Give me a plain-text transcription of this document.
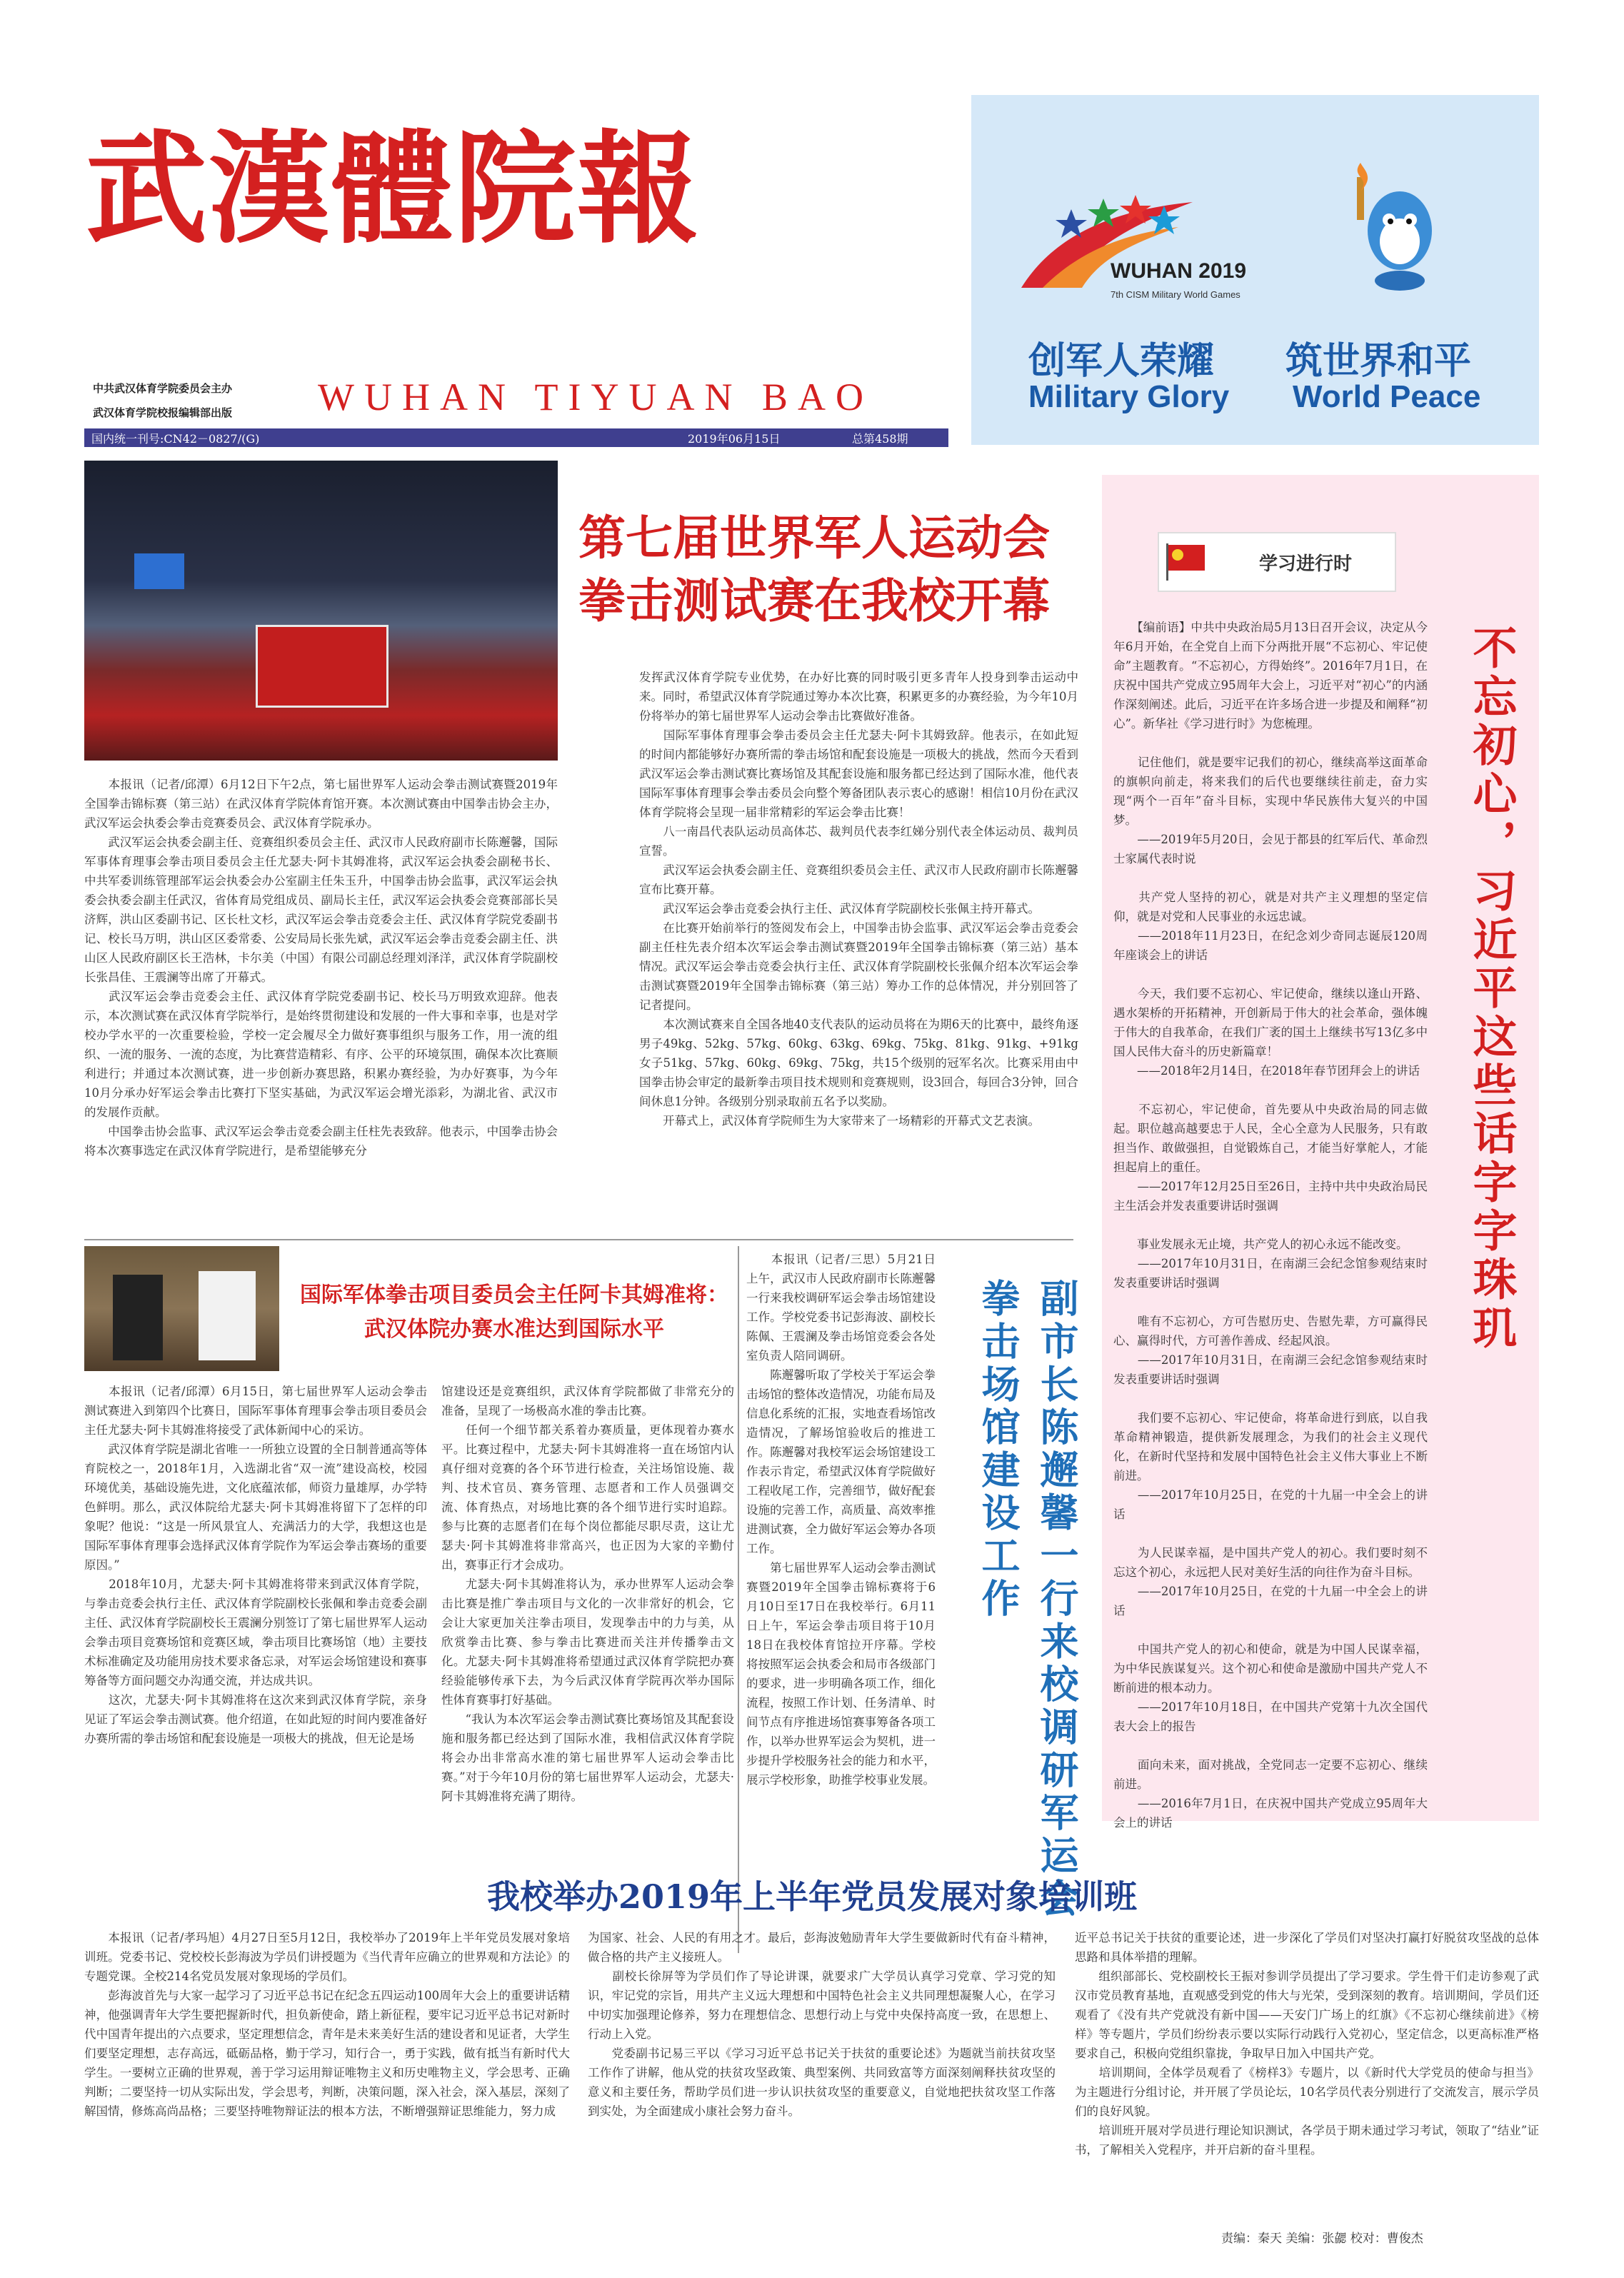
武漢體院報
WUHAN TIYUAN BAO
中共武汉体育学院委员会主办
武汉体育学院校报编辑部出版
国内统一刊号:CN42－0827/(G)	2019年06月15日	总第458期
WUHAN 2019
7th CISM Military World Games
创军人荣耀 筑世界和平
Military Glory World Peace
第七届世界军人运动会
拳击测试赛在我校开幕
　　本报讯（记者/邱潭）6月12日下午2点，第七届世界军人运动会拳击测试赛暨2019年全国拳击锦标赛（第三站）在武汉体育学院体育馆开赛。本次测试赛由中国拳击协会主办，武汉军运会执委会拳击竞赛委员会、武汉体育学院承办。
　　武汉军运会执委会副主任、竞赛组织委员会主任、武汉市人民政府副市长陈邂馨，国际军事体育理事会拳击项目委员会主任尤瑟夫·阿卡其姆准将，武汉军运会执委会副秘书长、中共军委训练管理部军运会执委会办公室副主任朱玉升，中国拳击协会监事，武汉军运会执委会执委会副主任武汉，省体育局党组成员、副局长主任，武汉军运会执委会竞赛部部长吴济辉，洪山区委副书记、区长杜文杉，武汉军运会拳击竞委会主任、武汉体育学院党委副书记、校长马万明，洪山区区委常委、公安局局长张先斌，武汉军运会拳击竞委会副主任、洪山区人民政府副区长王浩林，卡尔美（中国）有限公司副总经理刘泽洋，武汉体育学院副校长张昌佳、王震澜等出席了开幕式。
　　武汉军运会拳击竞委会主任、武汉体育学院党委副书记、校长马万明致欢迎辞。他表示，本次测试赛在武汉体育学院举行，是始终贯彻建设和发展的一件大事和幸事，也是对学校办学水平的一次重要检验，学校一定会履尽全力做好赛事组织与服务工作，用一流的组织、一流的服务、一流的态度，为比赛营造精彩、有序、公平的环境氛围，确保本次比赛顺利进行；并通过本次测试赛，进一步创新办赛思路，积累办赛经验，为办好赛事，为今年10月分承办好军运会拳击比赛打下坚实基础，为武汉军运会增光添彩，为湖北省、武汉市的发展作贡献。
　　中国拳击协会监事、武汉军运会拳击竞委会副主任柱先表致辞。他表示，中国拳击协会将本次赛事选定在武汉体育学院进行，是希望能够充分
发挥武汉体育学院专业优势，在办好比赛的同时吸引更多青年人投身到拳击运动中来。同时，希望武汉体育学院通过筹办本次比赛，积累更多的办赛经验，为今年10月份将举办的第七届世界军人运动会拳击比赛做好准备。
　　国际军事体育理事会拳击委员会主任尤瑟夫·阿卡其姆致辞。他表示，在如此短的时间内都能够好办赛所需的拳击场馆和配套设施是一项极大的挑战，然而今天看到武汉军运会拳击测试赛比赛场馆及其配套设施和服务都已经达到了国际水准，他代表国际军事体育理事会拳击委员会向整个筹备团队表示衷心的感谢！相信10月份在武汉体育学院将会呈现一届非常精彩的军运会拳击比赛！
　　八一南昌代表队运动员高体芯、裁判员代表李红娣分别代表全体运动员、裁判员宣誓。
　　武汉军运会执委会副主任、竞赛组织委员会主任、武汉市人民政府副市长陈邂馨宣布比赛开幕。
　　武汉军运会拳击竞委会执行主任、武汉体育学院副校长张佩主持开幕式。
　　在比赛开始前举行的签阅发布会上，中国拳击协会监事、武汉军运会拳击竞委会副主任柱先表介绍本次军运会拳击测试赛暨2019年全国拳击锦标赛（第三站）基本情况。武汉军运会拳击竞委会执行主任、武汉体育学院副校长张佩介绍本次军运会拳击测试赛暨2019年全国拳击锦标赛（第三站）筹办工作的总体情况，并分别回答了记者提问。
　　本次测试赛来自全国各地40支代表队的运动员将在为期6天的比赛中，最终角逐男子49kg、52kg、57kg、60kg、63kg、69kg、75kg、81kg、91kg、+91kg女子51kg、57kg、60kg、69kg、75kg，共15个级别的冠军名次。比赛采用由中国拳击协会审定的最新拳击项目技术规则和竞赛规则，设3回合，每回合3分钟，回合间休息1分钟。各级别分别录取前五名予以奖励。
　　开幕式上，武汉体育学院师生为大家带来了一场精彩的开幕式文艺表演。
国际军体拳击项目委员会主任阿卡其姆准将：
武汉体院办赛水准达到国际水平
　　本报讯（记者/邱潭）6月15日，第七届世界军人运动会拳击测试赛进入到第四个比赛日，国际军事体育理事会拳击项目委员会主任尤瑟夫·阿卡其姆准将接受了武体新闻中心的采访。
　　武汉体育学院是湖北省唯一一所独立设置的全日制普通高等体育院校之一，2018年1月，入选湖北省“双一流”建设高校，校园环境优美，基础设施先进，文化底蕴浓郁，师资力量雄厚，办学特色鲜明。那么，武汉体院给尤瑟夫·阿卡其姆准将留下了怎样的印象呢？他说：“这是一所风景宜人、充满活力的大学，我想这也是国际军事体育理事会选择武汉体育学院作为军运会拳击赛场的重要原因。”
　　2018年10月，尤瑟夫·阿卡其姆准将带来到武汉体育学院，与拳击竞委会执行主任、武汉体育学院副校长张佩和拳击竞委会副主任、武汉体育学院副校长王震澜分别签订了第七届世界军人运动会拳击项目竞赛场馆和竞赛区域，拳击项目比赛场馆（地）主要技术标准确定及功能用房技术要求备忘录，对军运会场馆建设和赛事筹备等方面问题交办沟通交流，并达成共识。
　　这次，尤瑟夫·阿卡其姆准将在这次来到武汉体育学院，亲身见证了军运会拳击测试赛。他介绍道，在如此短的时间内要准备好办赛所需的拳击场馆和配套设施是一项极大的挑战，但无论是场
馆建设还是竞赛组织，武汉体育学院都做了非常充分的准备，呈现了一场极高水准的拳击比赛。
　　任何一个细节都关系着办赛质量，更体现着办赛水平。比赛过程中，尤瑟夫·阿卡其姆准将一直在场馆内认真仔细对竞赛的各个环节进行检查，关注场馆设施、裁判、技术官员、赛务管理、志愿者和工作人员强调交流、体育热点，对场地比赛的各个细节进行实时追踪。参与比赛的志愿者们在每个岗位都能尽职尽责，这让尤瑟夫·阿卡其姆准将非常高兴，也正因为大家的辛勤付出，赛事正行才会成功。
　　尤瑟夫·阿卡其姆准将认为，承办世界军人运动会拳击比赛是推广拳击项目与文化的一次非常好的机会，它会让大家更加关注拳击项目，发现拳击中的力与美，从欣赏拳击比赛、参与拳击比赛进而关注并传播拳击文化。尤瑟夫·阿卡其姆准将希望通过武汉体育学院把办赛经验能够传承下去，为今后武汉体育学院再次举办国际性体育赛事打好基础。
　　“我认为本次军运会拳击测试赛比赛场馆及其配套设施和服务都已经达到了国际水准，我相信武汉体育学院将会办出非常高水准的第七届世界军人运动会拳击比赛。”对于今年10月份的第七届世界军人运动会，尤瑟夫·阿卡其姆准将充满了期待。
　　本报讯（记者/三思）5月21日上午，武汉市人民政府副市长陈邂馨一行来我校调研军运会拳击场馆建设工作。学校党委书记彭海波、副校长陈佩、王震澜及拳击场馆竞委会各处室负责人陪同调研。
　　陈邂馨听取了学校关于军运会拳击场馆的整体改造情况，功能布局及信息化系统的汇报，实地查看场馆改造情况，了解场馆验收后的推进工作。陈邂馨对我校军运会场馆建设工作表示肯定，希望武汉体育学院做好工程收尾工作，完善细节，做好配套设施的完善工作，高质量、高效率推进测试赛，全力做好军运会筹办各项工作。
　　第七届世界军人运动会拳击测试赛暨2019年全国拳击锦标赛将于6月10日至17日在我校举行。6月11日上午，军运会拳击项目将于10月18日在我校体育馆拉开序幕。学校将按照军运会执委会和局市各级部门的要求，进一步明确各项工作，细化流程，按照工作计划、任务清单、时间节点有序推进场馆赛事筹备各项工作，以举办世界军运会为契机，进一步提升学校服务社会的能力和水平，展示学校形象，助推学校事业发展。	副市长陈邂馨一行来校调研军运会拳击场馆建设工作
学习进行时
不忘初心，习近平这些话字字珠玑
　　【编前语】中共中央政治局5月13日召开会议，决定从今年6月开始，在全党自上而下分两批开展“不忘初心、牢记使命”主题教育。“不忘初心，方得始终”。2016年7月1日，在庆祝中国共产党成立95周年大会上，习近平对“初心”的内涵作深刻阐述。此后，习近平在许多场合进一步提及和阐释“初心”。新华社《学习进行时》为您梳理。

　　记住他们，就是要牢记我们的初心，继续高举这面革命的旗帜向前走，将来我们的后代也要继续往前走，奋力实现“两个一百年”奋斗目标，实现中华民族伟大复兴的中国梦。
　　——2019年5月20日，会见于都县的红军后代、革命烈士家属代表时说

　　共产党人坚持的初心，就是对共产主义理想的坚定信仰，就是对党和人民事业的永远忠诚。
　　——2018年11月23日，在纪念刘少奇同志诞辰120周年座谈会上的讲话

　　今天，我们要不忘初心、牢记使命，继续以逢山开路、遇水架桥的开拓精神，开创新局于伟大的社会革命，强体魄于伟大的自我革命，在我们广袤的国土上继续书写13亿多中国人民伟大奋斗的历史新篇章！
　　——2018年2月14日，在2018年春节团拜会上的讲话

　　不忘初心，牢记使命，首先要从中央政治局的同志做起。职位越高越要忠于人民，全心全意为人民服务，只有敢担当作、敢做强担，自觉锻炼自己，才能当好掌舵人，才能担起肩上的重任。
　　——2017年12月25日至26日，主持中共中央政治局民主生活会并发表重要讲话时强调

　　事业发展永无止境，共产党人的初心永远不能改变。
　　——2017年10月31日，在南湖三会纪念馆参观结束时发表重要讲话时强调

　　唯有不忘初心，方可告慰历史、告慰先辈，方可赢得民心、赢得时代，方可善作善成、经起风浪。
　　——2017年10月31日，在南湖三会纪念馆参观结束时发表重要讲话时强调

　　我们要不忘初心、牢记使命，将革命进行到底，以自我革命精神锻造，提供新发展理念，为我们的社会主义现代化，在新时代坚持和发展中国特色社会主义伟大事业上不断前进。
　　——2017年10月25日，在党的十九届一中全会上的讲话

　　为人民谋幸福，是中国共产党人的初心。我们要时刻不忘这个初心，永远把人民对美好生活的向往作为奋斗目标。
　　——2017年10月25日，在党的十九届一中全会上的讲话

　　中国共产党人的初心和使命，就是为中国人民谋幸福，为中华民族谋复兴。这个初心和使命是激励中国共产党人不断前进的根本动力。
　　——2017年10月18日，在中国共产党第十九次全国代表大会上的报告

　　面向未来，面对挑战，全党同志一定要不忘初心、继续前进。
　　——2016年7月1日，在庆祝中国共产党成立95周年大会上的讲话
我校举办2019年上半年党员发展对象培训班
　　本报讯（记者/孝玛旭）4月27日至5月12日，我校举办了2019年上半年党员发展对象培训班。党委书记、党校校长彭海波为学员们讲授题为《当代青年应确立的世界观和方法论》的专题党课。全校214名党员发展对象现场的学员们。
　　彭海波首先与大家一起学习了习近平总书记在纪念五四运动100周年大会上的重要讲话精神，他强调青年大学生要把握新时代，担负新使命，踏上新征程，要牢记习近平总书记对新时代中国青年提出的六点要求，坚定理想信念，青年是未来美好生活的建设者和见证者，大学生们要坚定理想，志存高远，砥砺品格，勤于学习，知行合一，勇于实践，做有抵当有新时代大学生。一要树立正确的世界观，善于学习运用辩证唯物主义和历史唯物主义，学会思考、正确判断；二要坚持一切从实际出发，学会思考，判断，决策问题，深入社会，深入基层，深刻了解国情，修炼高尚品格；三要坚持唯物辩证法的根本方法，不断增强辩证思维能力，努力成
为国家、社会、人民的有用之才。最后，彭海波勉励青年大学生要做新时代有奋斗精神，做合格的共产主义接班人。
　　副校长徐屏等为学员们作了导论讲课，就要求广大学员认真学习党章、学习党的知识，牢记党的宗旨，用共产主义远大理想和中国特色社会主义共同理想凝聚人心，在学习中切实加强理论修养，努力在理想信念、思想行动上与党中央保持高度一致，在思想上、行动上入党。
　　党委副书记易三平以《学习习近平总书记关于扶贫的重要论述》为题就当前扶贫攻坚工作作了讲解，他从党的扶贫攻坚政策、典型案例、共同致富等方面深刻阐释扶贫攻坚的意义和主要任务，帮助学员们进一步认识扶贫攻坚的重要意义，自觉地把扶贫攻坚工作落到实处，为全面建成小康社会努力奋斗。
近平总书记关于扶贫的重要论述，进一步深化了学员们对坚决打赢打好脱贫攻坚战的总体思路和具体举措的理解。
　　组织部部长、党校副校长王振对参训学员提出了学习要求。学生骨干们走访参观了武汉市党员教育基地，直观感受到党的伟大与光荣，受到深刻的教育。培训期间，学员们还观看了《没有共产党就没有新中国——天安门广场上的红旗》《不忘初心继续前进》《榜样》等专题片，学员们纷纷表示要以实际行动践行入党初心，坚定信念，以更高标准严格要求自己，积极向党组织靠拢，争取早日加入中国共产党。
　　培训期间，全体学员观看了《榜样3》专题片，以《新时代大学党员的使命与担当》为主题进行分组讨论，并开展了学员论坛，10名学员代表分别进行了交流发言，展示学员们的良好风貌。
　　培训班开展对学员进行理论知识测试，各学员于期未通过学习考试，领取了“结业”证书，了解相关入党程序，并开启新的奋斗里程。
责编：秦天 美编：张勰 校对：曹俊杰
